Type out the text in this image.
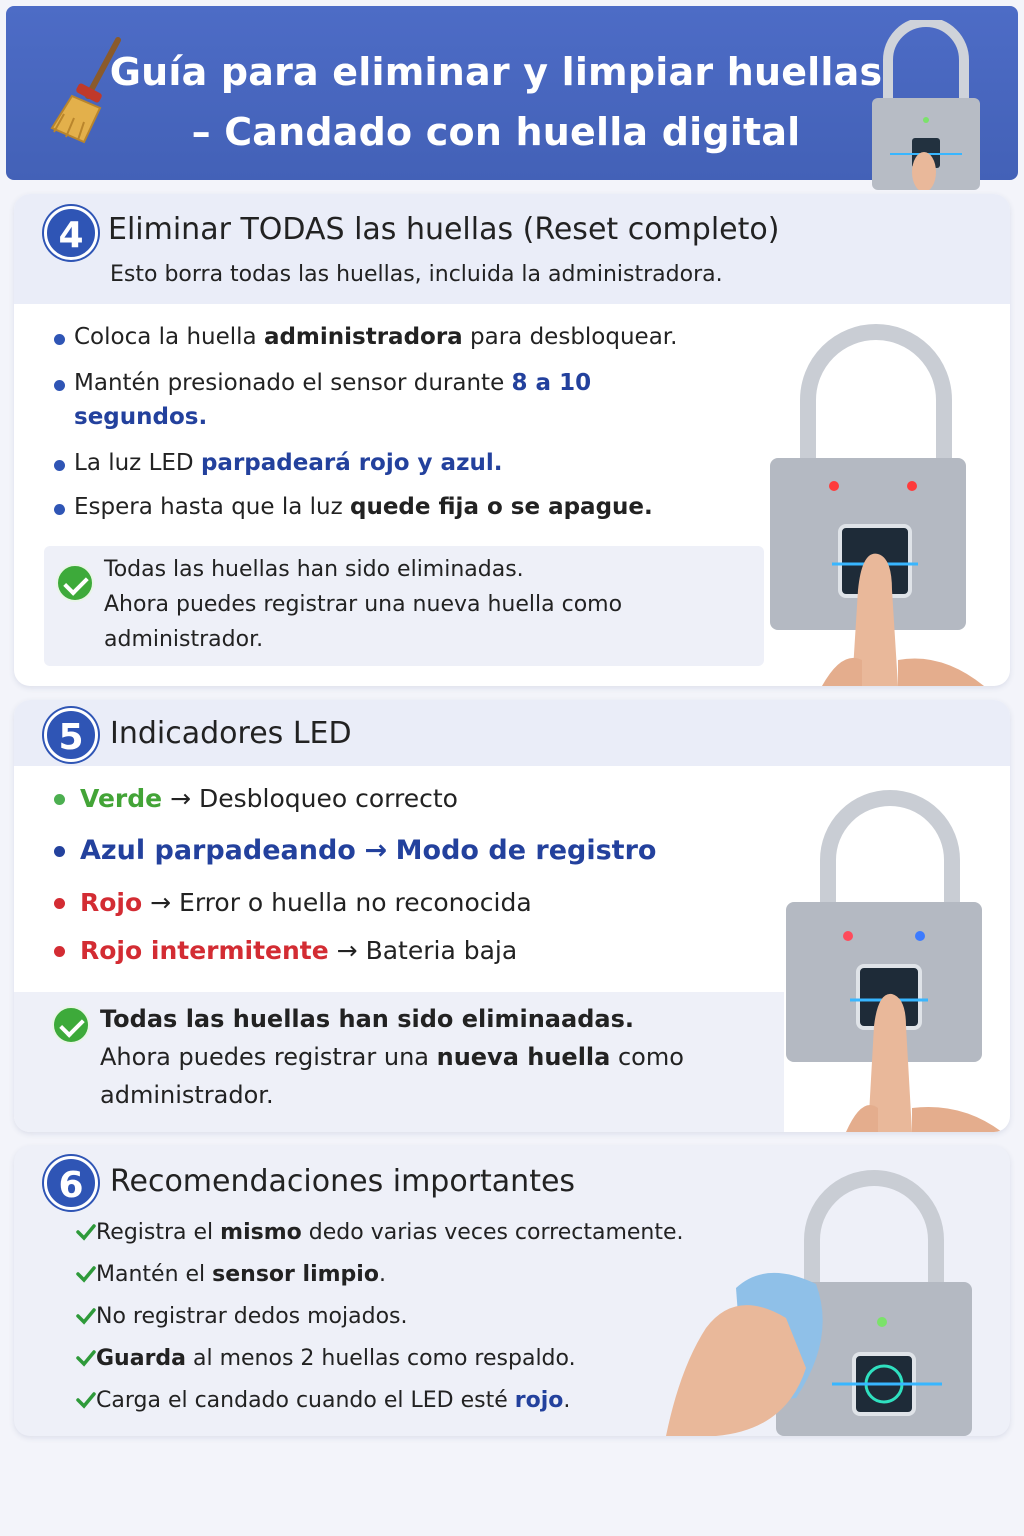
Guía para eliminar y limpiar huellas
– Candado con huella digital
4 Eliminar TODAS las huellas (Reset completo)
Esto borra todas las huellas, incluida la administradora.
Coloca la huella administradora para desbloquear.
Mantén presionado el sensor durante 8 a 10
segundos.
La luz LED parpadeará rojo y azul.
Espera hasta que la luz quede fija o se apague.
Todas las huellas han sido eliminadas.
Ahora puedes registrar una nueva huella como
administrador.
5 Indicadores LED
Verde → Desbloqueo correcto
Azul parpadeando → Modo de registro
Rojo → Error o huella no reconocida
Rojo intermitente → Bateria baja
Todas las huellas han sido eliminaadas.
Ahora puedes registrar una nueva huella como
administrador.
6 Recomendaciones importantes
Registra el mismo dedo varias veces correctamente.
Mantén el sensor limpio.
No registrar dedos mojados.
Guarda al menos 2 huellas como respaldo.
Carga el candado cuando el LED esté rojo.
